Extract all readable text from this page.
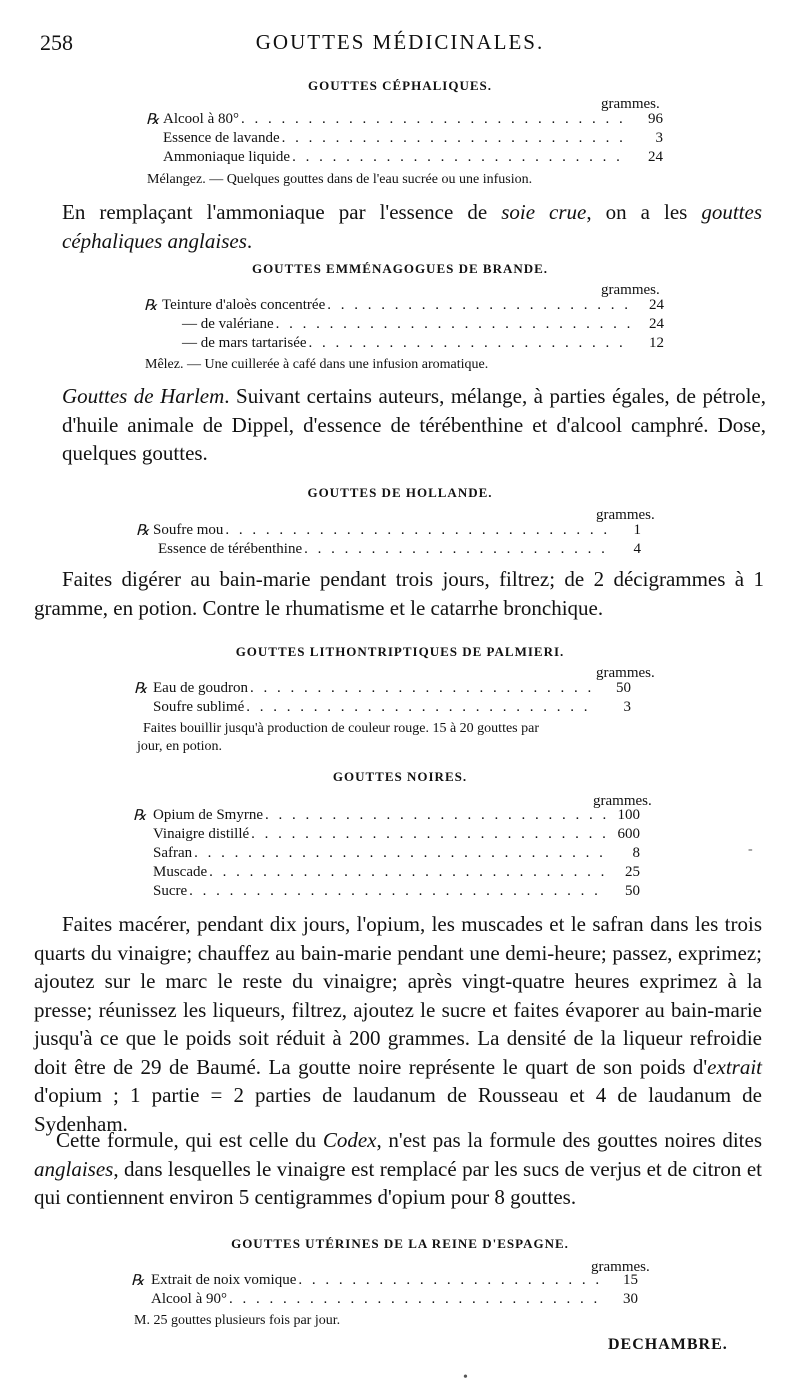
258	GOUTTES MÉDICINALES.
GOUTTES CÉPHALIQUES.
grammes.
℞ Alcool à 80° . . .	96
Essence de lavande . . .	3
Ammoniaque liquide . . .	24
Mélangez. — Quelques gouttes dans de l'eau sucrée ou une infusion.
En remplaçant l'ammoniaque par l'essence de soie crue, on a les gouttes céphaliques anglaises.
GOUTTES EMMÉNAGOGUES DE BRANDE.
grammes.
℞ Teinture d'aloès concentrée . . .	24
— de valériane . . .	24
— de mars tartarisée . . .	12
Mêlez. — Une cuillerée à café dans une infusion aromatique.
Gouttes de Harlem. Suivant certains auteurs, mélange, à parties égales, de pétrole, d'huile animale de Dippel, d'essence de térébenthine et d'alcool camphré. Dose, quelques gouttes.
GOUTTES DE HOLLANDE.
grammes.
℞ Soufre mou . . .	1
Essence de térébenthine . . .	4
Faites digérer au bain-marie pendant trois jours, filtrez; de 2 décigrammes à 1 gramme, en potion. Contre le rhumatisme et le catarrhe bronchique.
GOUTTES LITHONTRIPTIQUES DE PALMIERI.
grammes.
℞ Eau de goudron . . .	50
Soufre sublimé . . .	3
Faites bouillir jusqu'à production de couleur rouge. 15 à 20 gouttes par
jour, en potion.
GOUTTES NOIRES.
grammes.
℞ Opium de Smyrne . . .	100
Vinaigre distillé . . .	600
Safran . . .	8
Muscade . . .	25
Sucre . . .	50
-
Faites macérer, pendant dix jours, l'opium, les muscades et le safran dans les trois quarts du vinaigre; chauffez au bain-marie pendant une demi-heure; passez, exprimez; ajoutez sur le marc le reste du vinaigre; après vingt-quatre heures exprimez à la presse; réunissez les liqueurs, filtrez, ajoutez le sucre et faites évaporer au bain-marie jusqu'à ce que le poids soit réduit à 200 grammes. La densité de la liqueur refroidie doit être de 29 de Baumé. La goutte noire représente le quart de son poids d'extrait d'opium ; 1 partie = 2 parties de laudanum de Rousseau et 4 de laudanum de Sydenham.
Cette formule, qui est celle du Codex, n'est pas la formule des gouttes noires dites anglaises, dans lesquelles le vinaigre est remplacé par les sucs de verjus et de citron et qui contiennent environ 5 centigrammes d'opium pour 8 gouttes.
GOUTTES UTÉRINES DE LA REINE D'ESPAGNE.
grammes.
℞ Extrait de noix vomique . . .	15
Alcool à 90° . . .	30
M. 25 gouttes plusieurs fois par jour.
DECHAMBRE.
•
